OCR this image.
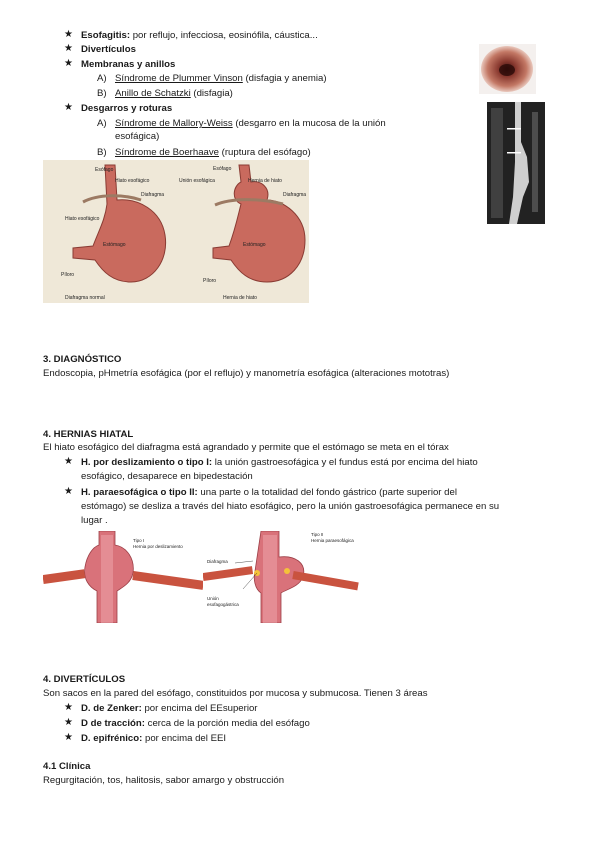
★ Esofagitis: por reflujo, infecciosa, eosinófila, cáustica...
★ Divertículos
★ Membranas y anillos
A) Síndrome de Plummer Vinson (disfagia y anemia)
B) Anillo de Schatzki (disfagia)
★ Desgarros y roturas
A) Síndrome de Mallory-Weiss (desgarro en la mucosa de la unión
esofágica)
B) Síndrome de Boerhaave (ruptura del esófago)
Esófago
Hiato esofágico
Diafragma
Estómago
Píloro
Hiato esofágico
Diafragma normal
Esófago
Unión esofágica	Hernia de hiato
Diafragma
Estómago
Píloro
Hernia de hiato
3. DIAGNÓSTICO
Endoscopia, pHmetría esofágica (por el reflujo) y manometría esofágica (alteraciones mototras)
4. HERNIAS HIATAL
El hiato esofágico del diafragma está agrandado y permite que el estómago se meta en el tórax
★ H. por deslizamiento o tipo I: la unión gastroesofágica y el fundus está por encima del hiato
esofágico, desaparece en bipedestación
★ H. paraesofágica o tipo II: una parte o la totalidad del fondo gástrico (parte superior del
estómago) se desliza a través del hiato esofágico, pero la unión gastroesofágica permanece en su
lugar .
Tipo I
Hernia por deslizamiento
Tipo II
Hernia paraesofágica
Diafragma
Unión
esofagogástrica
4. DIVERTÍCULOS
Son sacos en la pared del esófago, constituidos por mucosa y submucosa. Tienen 3 áreas
★ D. de Zenker: por encima del EEsuperior
★ D de tracción: cerca de la porción media del esófago
★ D. epifrénico: por encima del EEI
4.1 Clínica
Regurgitación, tos, halitosis, sabor amargo y obstrucción
